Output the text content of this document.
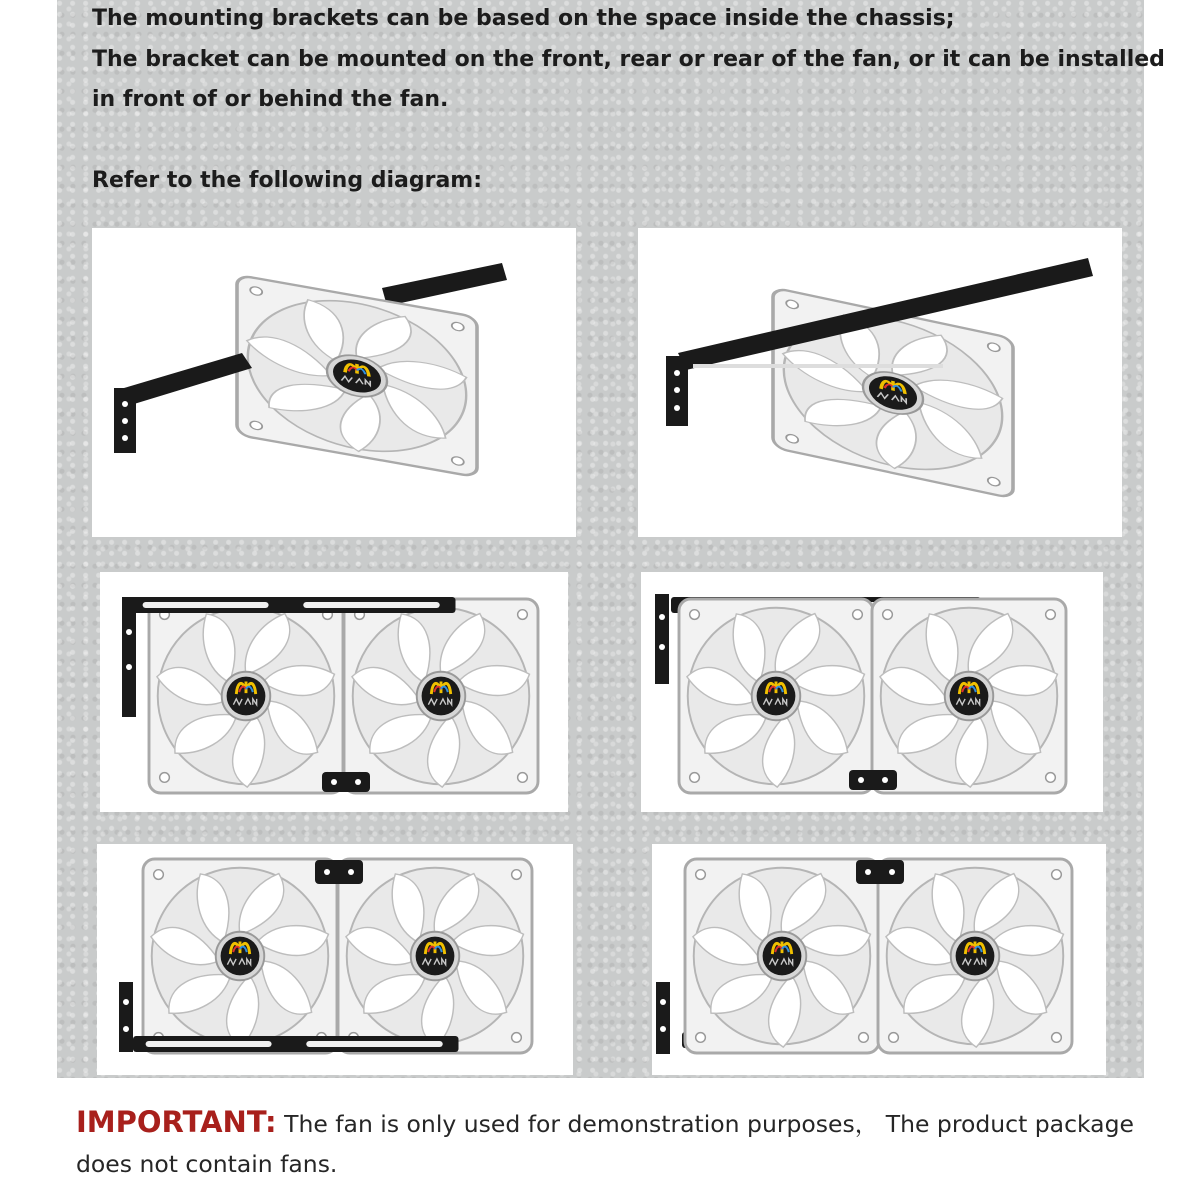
The mounting brackets can be based on the space inside the chassis;

The bracket can be mounted on the front, rear or rear of the fan, or it can be installed

in front of or behind the fan.

Refer to the following diagram:

IMPORTANT: The fan is only used for demonstration purposes， The product package does not contain fans.
